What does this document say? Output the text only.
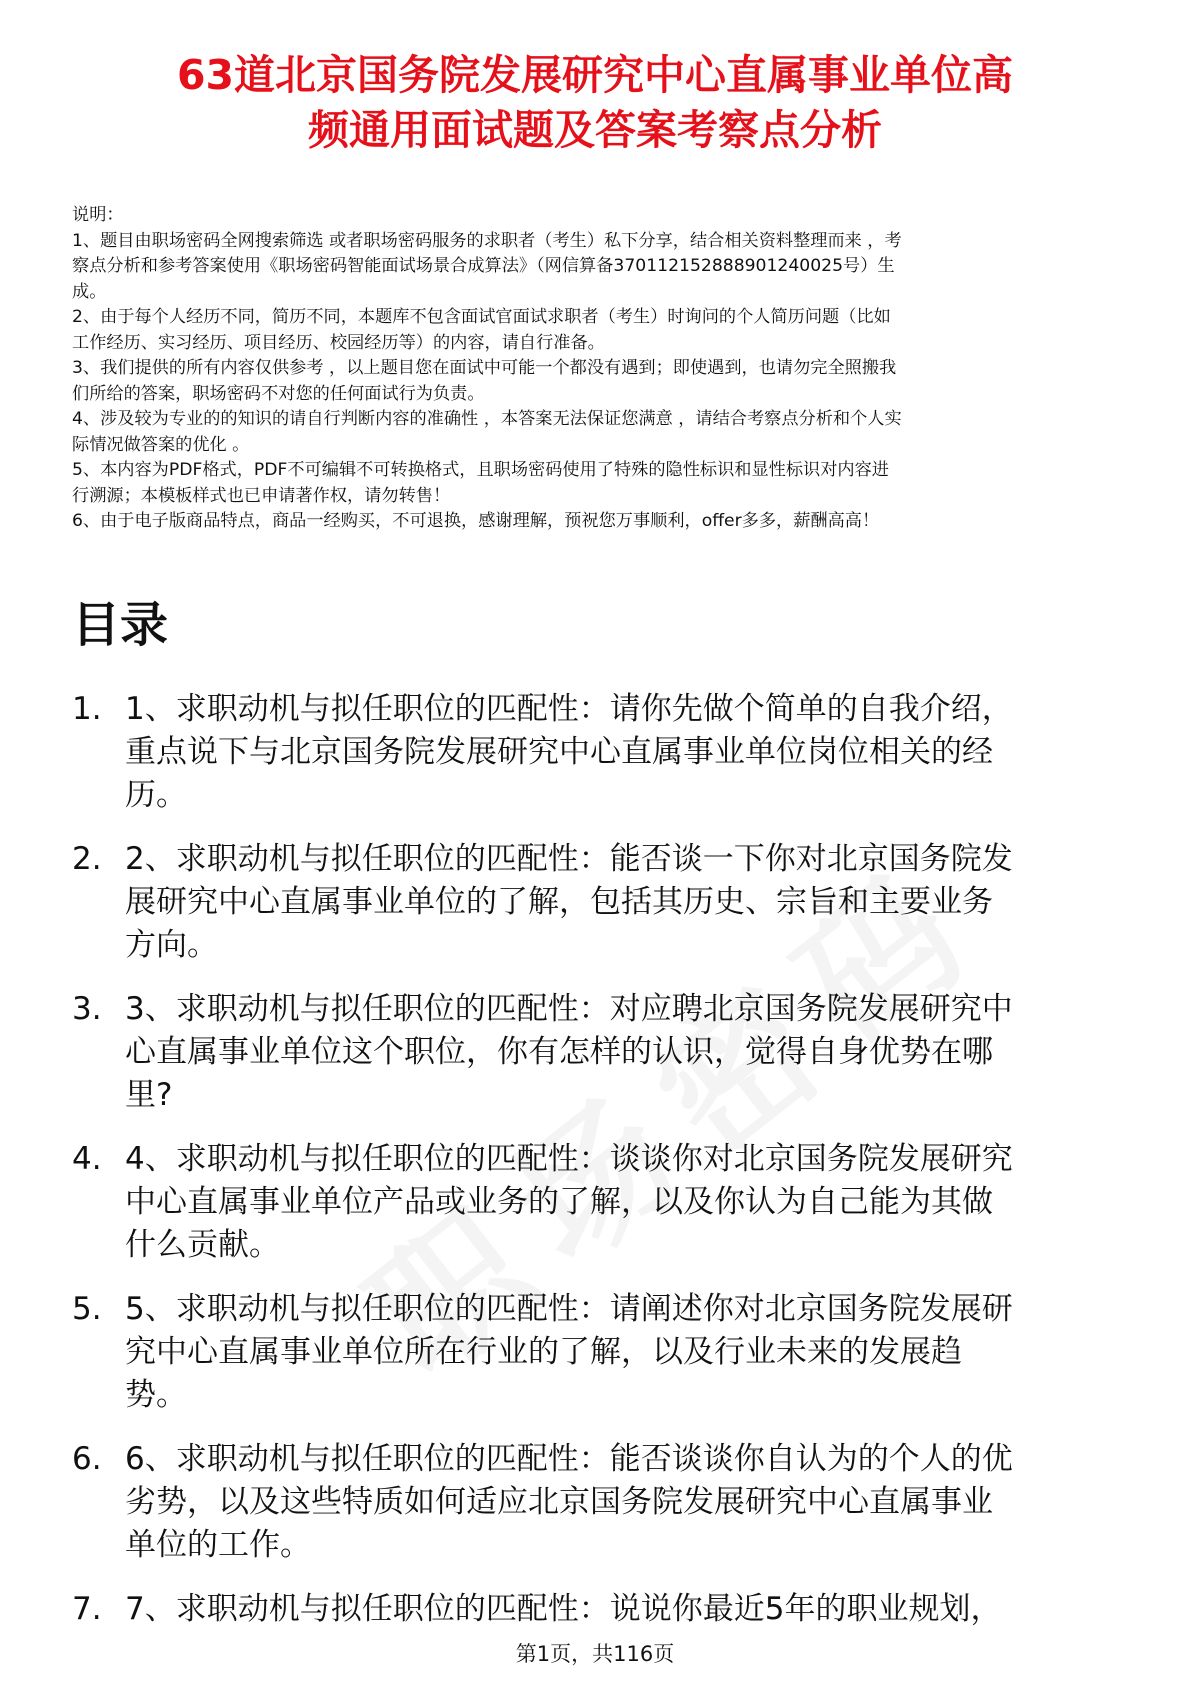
63道北京国务院发展研究中心直属事业单位高
频通用面试题及答案考察点分析
说明：
1、题目由职场密码全网搜索筛选 或者职场密码服务的求职者（考生）私下分享，结合相关资料整理而来 ，考
察点分析和参考答案使用《职场密码智能面试场景合成算法》（网信算备370112152888901240025号）生
成。
2、由于每个人经历不同，简历不同，本题库不包含面试官面试求职者（考生）时询问的个人简历问题（比如
工作经历、实习经历、项目经历、校园经历等）的内容，请自行准备。
3、我们提供的所有内容仅供参考 ，以上题目您在面试中可能一个都没有遇到；即使遇到，也请勿完全照搬我
们所给的答案，职场密码不对您的任何面试行为负责。
4、涉及较为专业的的知识的请自行判断内容的准确性 ，本答案无法保证您满意 ，请结合考察点分析和个人实
际情况做答案的优化 。
5、本内容为PDF格式，PDF不可编辑不可转换格式，且职场密码使用了特殊的隐性标识和显性标识对内容进
行溯源；本模板样式也已申请著作权，请勿转售！
6、由于电子版商品特点，商品一经购买，不可退换，感谢理解，预祝您万事顺利，offer多多，薪酬高高！
目录
1. 1、求职动机与拟任职位的匹配性：请你先做个简单的自我介绍，
重点说下与北京国务院发展研究中心直属事业单位岗位相关的经
历。
2. 2、求职动机与拟任职位的匹配性：能否谈一下你对北京国务院发
展研究中心直属事业单位的了解，包括其历史、宗旨和主要业务
方向。
3. 3、求职动机与拟任职位的匹配性：对应聘北京国务院发展研究中
心直属事业单位这个职位，你有怎样的认识，觉得自身优势在哪
里?
4. 4、求职动机与拟任职位的匹配性：谈谈你对北京国务院发展研究
中心直属事业单位产品或业务的了解，以及你认为自己能为其做
什么贡献。
5. 5、求职动机与拟任职位的匹配性：请阐述你对北京国务院发展研
究中心直属事业单位所在行业的了解，以及行业未来的发展趋
势。
6. 6、求职动机与拟任职位的匹配性：能否谈谈你自认为的个人的优
劣势，以及这些特质如何适应北京国务院发展研究中心直属事业
单位的工作。
7. 7、求职动机与拟任职位的匹配性：说说你最近5年的职业规划，
第1页，共116页
